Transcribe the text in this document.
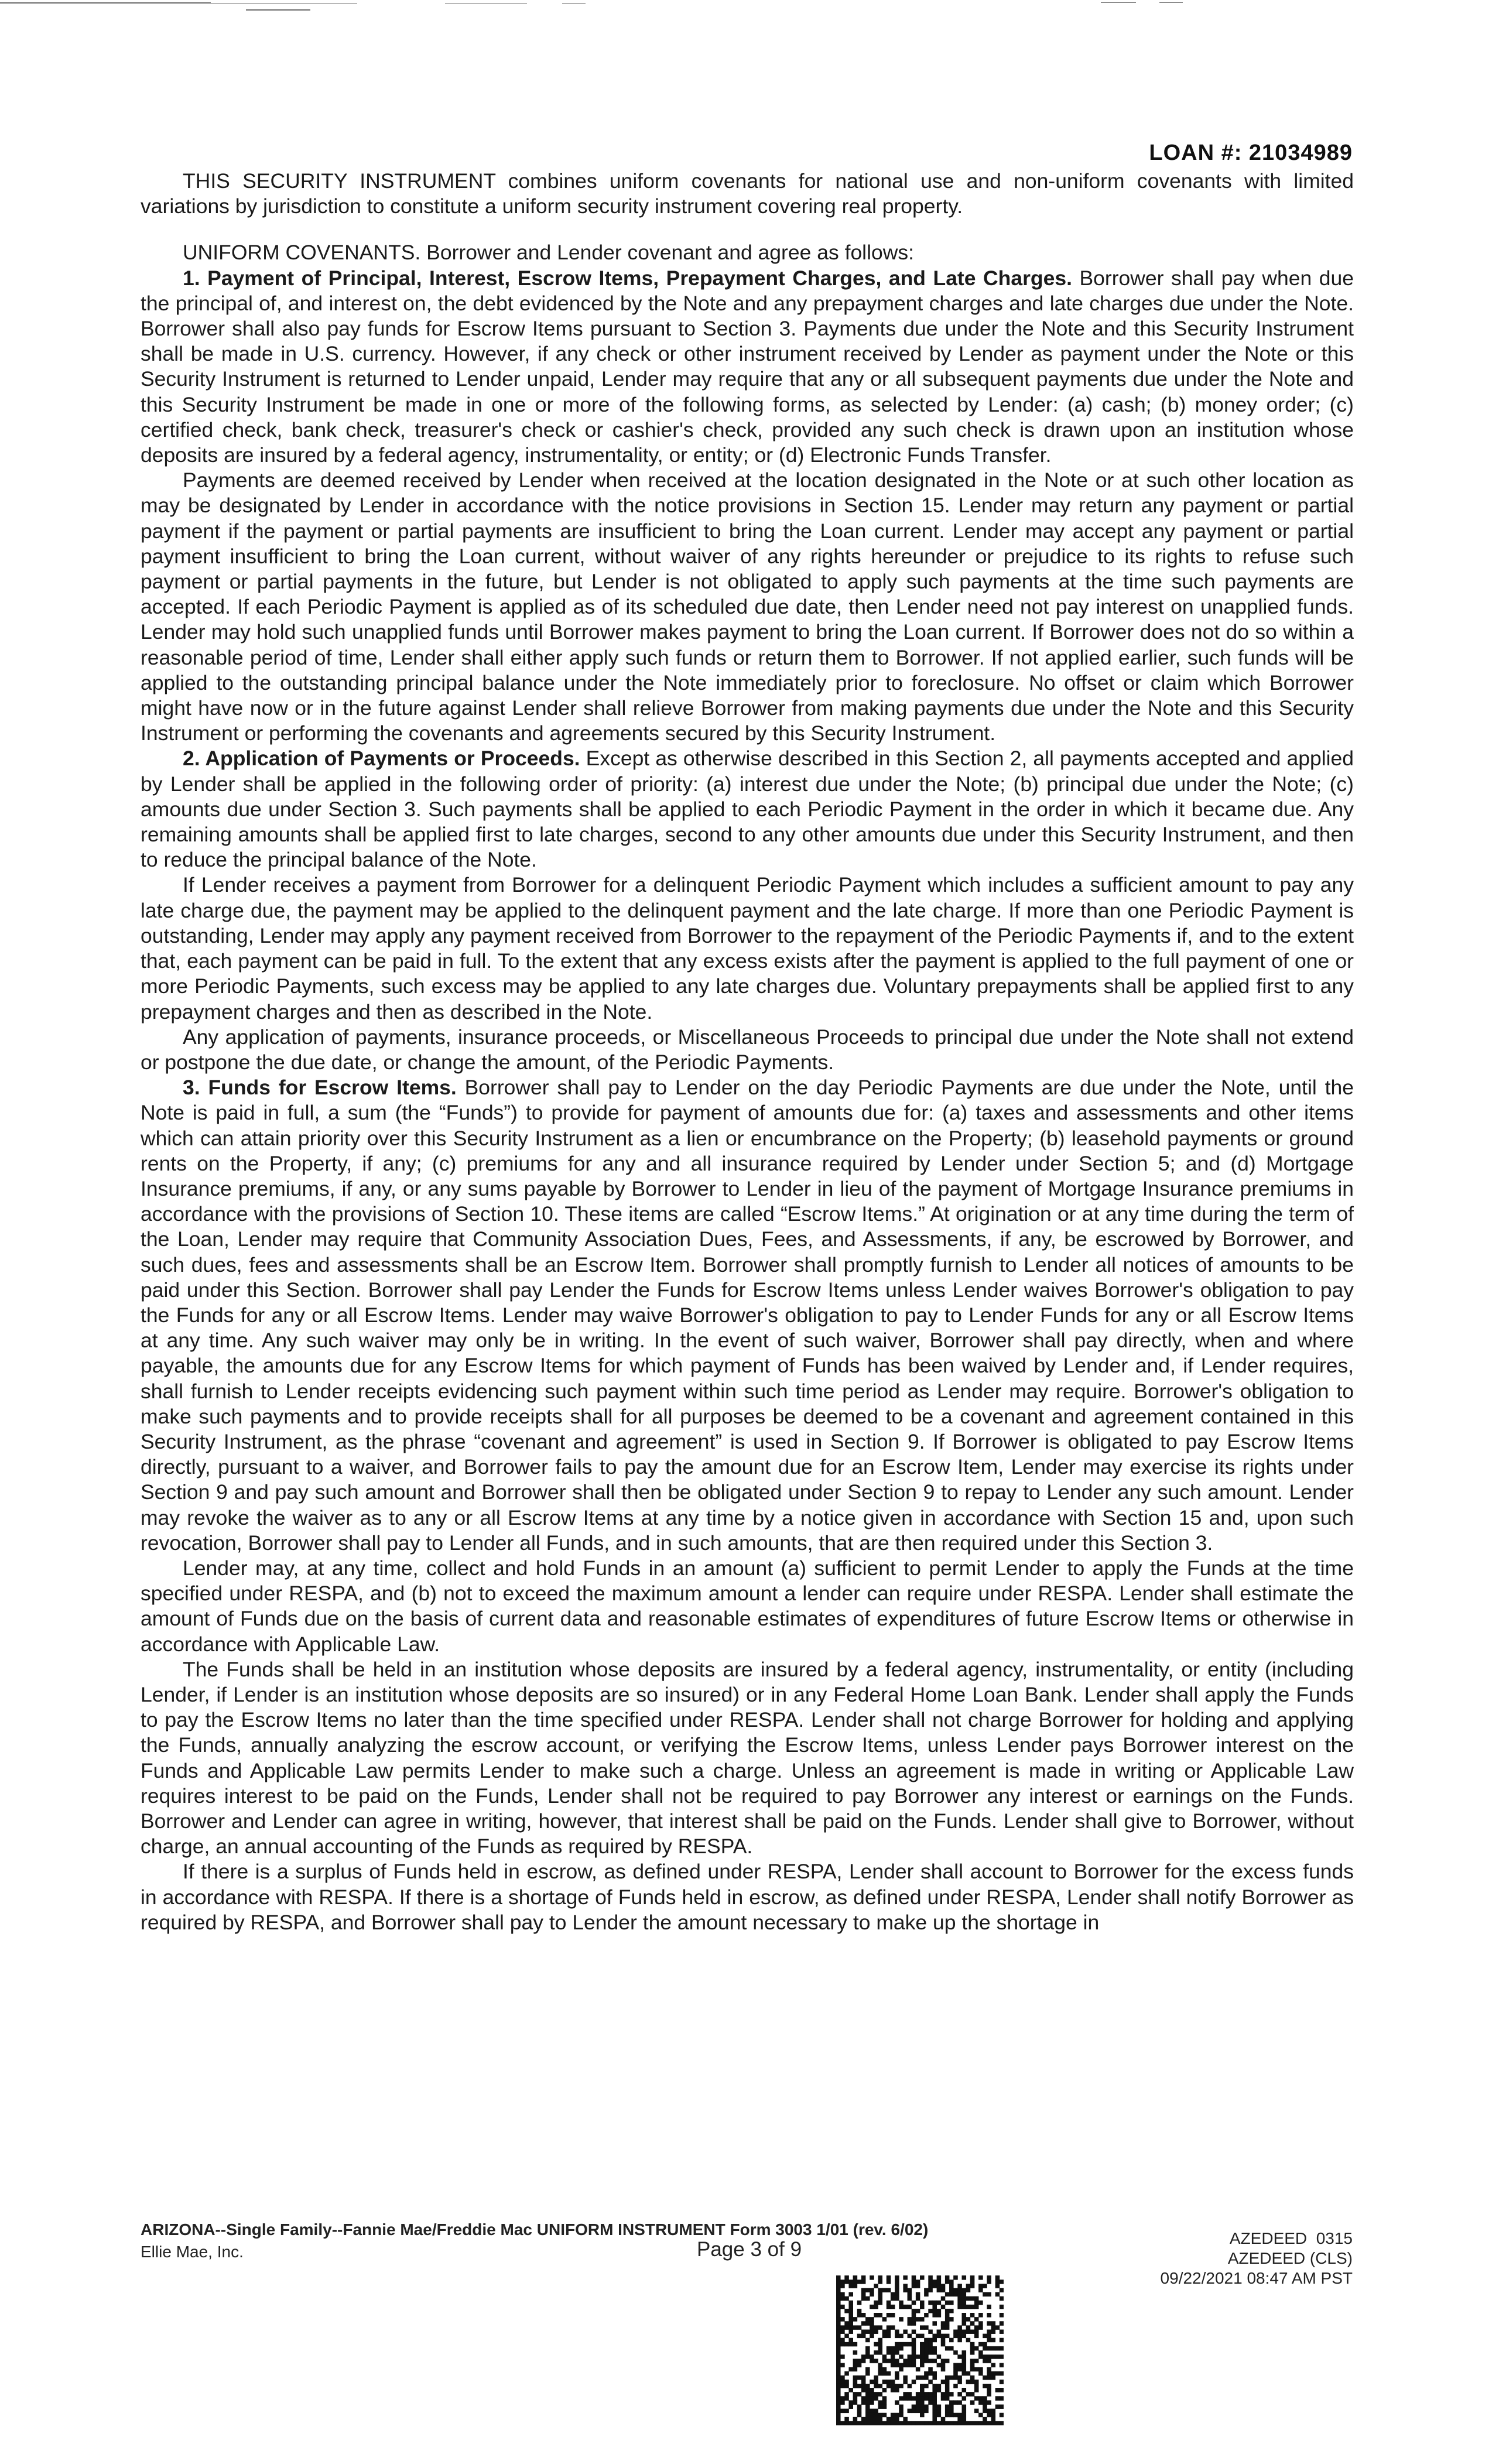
LOAN #: 21034989

THIS SECURITY INSTRUMENT combines uniform covenants for national use and non-uniform covenants with limited variations by jurisdiction to constitute a uniform security instrument covering real property.

UNIFORM COVENANTS. Borrower and Lender covenant and agree as follows:

1. Payment of Principal, Interest, Escrow Items, Prepayment Charges, and Late Charges. Borrower shall pay when due the principal of, and interest on, the debt evidenced by the Note and any prepayment charges and late charges due under the Note. Borrower shall also pay funds for Escrow Items pursuant to Section 3. Payments due under the Note and this Security Instrument shall be made in U.S. currency. However, if any check or other instrument received by Lender as payment under the Note or this Security Instrument is returned to Lender unpaid, Lender may require that any or all subsequent payments due under the Note and this Security Instrument be made in one or more of the following forms, as selected by Lender: (a) cash; (b) money order; (c) certified check, bank check, treasurer's check or cashier's check, provided any such check is drawn upon an institution whose deposits are insured by a federal agency, instrumentality, or entity; or (d) Electronic Funds Transfer.

Payments are deemed received by Lender when received at the location designated in the Note or at such other location as may be designated by Lender in accordance with the notice provisions in Section 15. Lender may return any payment or partial payment if the payment or partial payments are insufficient to bring the Loan current. Lender may accept any payment or partial payment insufficient to bring the Loan current, without waiver of any rights hereunder or prejudice to its rights to refuse such payment or partial payments in the future, but Lender is not obligated to apply such payments at the time such payments are accepted. If each Periodic Payment is applied as of its scheduled due date, then Lender need not pay interest on unapplied funds. Lender may hold such unapplied funds until Borrower makes payment to bring the Loan current. If Borrower does not do so within a reasonable period of time, Lender shall either apply such funds or return them to Borrower. If not applied earlier, such funds will be applied to the outstanding principal balance under the Note immediately prior to foreclosure. No offset or claim which Borrower might have now or in the future against Lender shall relieve Borrower from making payments due under the Note and this Security Instrument or performing the covenants and agreements secured by this Security Instrument.

2. Application of Payments or Proceeds. Except as otherwise described in this Section 2, all payments accepted and applied by Lender shall be applied in the following order of priority: (a) interest due under the Note; (b) principal due under the Note; (c) amounts due under Section 3. Such payments shall be applied to each Periodic Payment in the order in which it became due. Any remaining amounts shall be applied first to late charges, second to any other amounts due under this Security Instrument, and then to reduce the principal balance of the Note.

If Lender receives a payment from Borrower for a delinquent Periodic Payment which includes a sufficient amount to pay any late charge due, the payment may be applied to the delinquent payment and the late charge. If more than one Periodic Payment is outstanding, Lender may apply any payment received from Borrower to the repayment of the Periodic Payments if, and to the extent that, each payment can be paid in full. To the extent that any excess exists after the payment is applied to the full payment of one or more Periodic Payments, such excess may be applied to any late charges due. Voluntary prepayments shall be applied first to any prepayment charges and then as described in the Note.

Any application of payments, insurance proceeds, or Miscellaneous Proceeds to principal due under the Note shall not extend or postpone the due date, or change the amount, of the Periodic Payments.

3. Funds for Escrow Items. Borrower shall pay to Lender on the day Periodic Payments are due under the Note, until the Note is paid in full, a sum (the “Funds”) to provide for payment of amounts due for: (a) taxes and assessments and other items which can attain priority over this Security Instrument as a lien or encumbrance on the Property; (b) leasehold payments or ground rents on the Property, if any; (c) premiums for any and all insurance required by Lender under Section 5; and (d) Mortgage Insurance premiums, if any, or any sums payable by Borrower to Lender in lieu of the payment of Mortgage Insurance premiums in accordance with the provisions of Section 10. These items are called “Escrow Items.” At origination or at any time during the term of the Loan, Lender may require that Community Association Dues, Fees, and Assessments, if any, be escrowed by Borrower, and such dues, fees and assessments shall be an Escrow Item. Borrower shall promptly furnish to Lender all notices of amounts to be paid under this Section. Borrower shall pay Lender the Funds for Escrow Items unless Lender waives Borrower's obligation to pay the Funds for any or all Escrow Items. Lender may waive Borrower's obligation to pay to Lender Funds for any or all Escrow Items at any time. Any such waiver may only be in writing. In the event of such waiver, Borrower shall pay directly, when and where payable, the amounts due for any Escrow Items for which payment of Funds has been waived by Lender and, if Lender requires, shall furnish to Lender receipts evidencing such payment within such time period as Lender may require. Borrower's obligation to make such payments and to provide receipts shall for all purposes be deemed to be a covenant and agreement contained in this Security Instrument, as the phrase “covenant and agreement” is used in Section 9. If Borrower is obligated to pay Escrow Items directly, pursuant to a waiver, and Borrower fails to pay the amount due for an Escrow Item, Lender may exercise its rights under Section 9 and pay such amount and Borrower shall then be obligated under Section 9 to repay to Lender any such amount. Lender may revoke the waiver as to any or all Escrow Items at any time by a notice given in accordance with Section 15 and, upon such revocation, Borrower shall pay to Lender all Funds, and in such amounts, that are then required under this Section 3.

Lender may, at any time, collect and hold Funds in an amount (a) sufficient to permit Lender to apply the Funds at the time specified under RESPA, and (b) not to exceed the maximum amount a lender can require under RESPA. Lender shall estimate the amount of Funds due on the basis of current data and reasonable estimates of expenditures of future Escrow Items or otherwise in accordance with Applicable Law.

The Funds shall be held in an institution whose deposits are insured by a federal agency, instrumentality, or entity (including Lender, if Lender is an institution whose deposits are so insured) or in any Federal Home Loan Bank. Lender shall apply the Funds to pay the Escrow Items no later than the time specified under RESPA. Lender shall not charge Borrower for holding and applying the Funds, annually analyzing the escrow account, or verifying the Escrow Items, unless Lender pays Borrower interest on the Funds and Applicable Law permits Lender to make such a charge. Unless an agreement is made in writing or Applicable Law requires interest to be paid on the Funds, Lender shall not be required to pay Borrower any interest or earnings on the Funds. Borrower and Lender can agree in writing, however, that interest shall be paid on the Funds. Lender shall give to Borrower, without charge, an annual accounting of the Funds as required by RESPA.

If there is a surplus of Funds held in escrow, as defined under RESPA, Lender shall account to Borrower for the excess funds in accordance with RESPA. If there is a shortage of Funds held in escrow, as defined under RESPA, Lender shall notify Borrower as required by RESPA, and Borrower shall pay to Lender the amount necessary to make up the shortage in

ARIZONA--Single Family--Fannie Mae/Freddie Mac UNIFORM INSTRUMENT Form 3003 1/01 (rev. 6/02)
Ellie Mae, Inc.	Page 3 of 9	AZEDEED  0315
AZEDEED (CLS)
09/22/2021 08:47 AM PST
